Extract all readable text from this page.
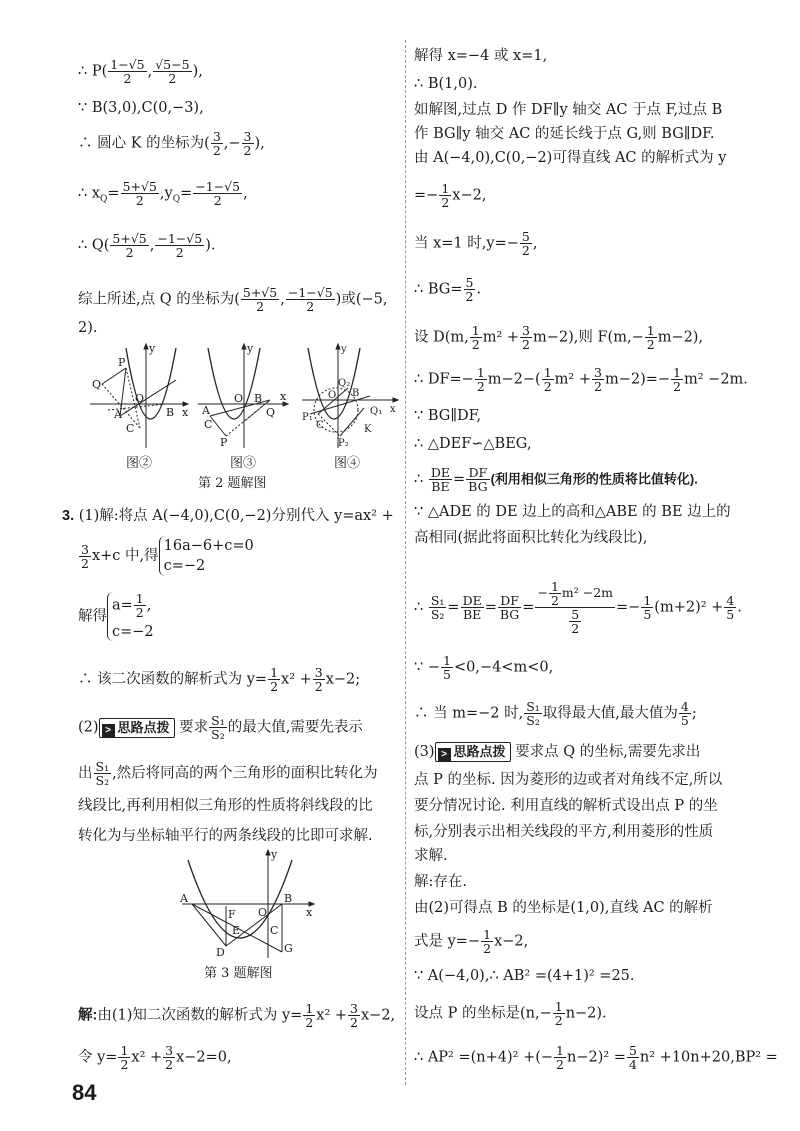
∴ $P( \frac{1-√5}{2}$ , $\frac{√5-5}{2}$ ),
∵ B(3,0),C(0,−3),
∴ 圆心 K 的坐标为( $\frac{3}{2}$ ,− $\frac{3}{2}$ ),
∴ $x_Q= \frac{5+√5}{2} ,y_Q= \frac{-1-√5}{2}$ ,
∴ $Q( \frac{5+√5}{2}$ , $\frac{-1-√5}{2}$ ).
综上所述,点 Q 的坐标为( $\frac{5+√5}{2}$ , $\frac{-1-√5}{2}$ )或(−5,
2).
y
P
Q
O
A	B
C
x
y
A
O B x
C
Q
P
y
Q₂
B
O
Q₁
P₁
C
P₂
K
x
图②	图③	图④
第 2 题解图
3. (1)解:将点 A(−4,0),C(0,−2)分别代入 y=ax² +
$\frac{3}{2} x+c$ 中,得
16a−6+c=0
c=−2
解得
$a= \frac{1}{2}$ ,
c=−2
∴ 该二次函数的解析式为 $y= \frac{1}{2} x^2 + \frac{3}{2} x-2$;
(2) > 思路点拨 要求 $\frac{\text{S₁}}{\text{S₂}}$ 的最大值,需要先表示
出 $\frac{\text{S₁}}{\text{S₂}}$ ,然后将同高的两个三角形的面积比转化为
线段比,再利用相似三角形的性质将斜线段的比
转化为与坐标轴平行的两条线段的比即可求解.
y
A
F O
B
x
E	C
D	G
第 3 题解图
解:由(1)知二次函数的解析式为 $y= \frac{1}{2} x^2 + \frac{3}{2} x-2$,
令 $y= \frac{1}{2} x^2 + \frac{3}{2} x-2=0$,
解得 x=−4 或 x=1,
∴ B(1,0).
如解图,过点 D 作 DF∥y 轴交 AC 于点 F,过点 B
作 BG∥y 轴交 AC 的延长线于点 G,则 BG∥DF.
由 A(−4,0),C(0,−2)可得直线 AC 的解析式为 y
=− $\frac{1}{2} x-2$,
当 x=1 时$,y=- \frac{5}{2}$ ,
∴ $BG= \frac{5}{2}$ .
设 D(m, $\frac{1}{2} m^2 + \frac{3}{2} m-2$),则 $F(m,- \frac{1}{2} m-2)$,
∴ $DF=- \frac{1}{2} m-2-( \frac{1}{2} m^2 + \frac{3}{2} m-2)=- \frac{1}{2} m^2 -2m$.
∵ BG∥DF,
∴ △DEF∽△BEG,
∴ $\frac{DE}{BE} = \frac{DF}{BG}$ (利用相似三角形的性质将比值转化).
∵ △ADE 的 DE 边上的高和△ABE 的 BE 边上的
高相同(据此将面积比转化为线段比),
∴ $\frac{\text{S₁}}{\text{S₂}} = \frac{DE}{BE} = \frac{DF}{BG} = \frac{- \frac{1}{2} m^2 -2m}{\frac{5}{2}} =- \frac{1}{5} (m+2)^2 + \frac{4}{5}$ .
∵ − $\frac{1}{5} <0,-4<m<0$,
∴ 当 m=−2 时, $\frac{\text{S₁}}{\text{S₂}}$ 取得最大值,最大值为 $\frac{4}{5}$ ;
(3) > 思路点拨 要求点 Q 的坐标,需要先求出
点 P 的坐标. 因为菱形的边或者对角线不定,所以
要分情况讨论. 利用直线的解析式设出点 P 的坐
标,分别表示出相关线段的平方,利用菱形的性质
求解.
解:存在.
由(2)可得点 B 的坐标是(1,0),直线 AC 的解析
式是 $y=- \frac{1}{2} x-2$,
∵ A(−4,0),∴ AB² =(4+1)² =25.
设点 P 的坐标是$(n,- \frac{1}{2} n-2)$.
∴ AP² =(n+4)² +(− $\frac{1}{2} n-2)^2 = \frac{5}{4} n^2 +10n+20,BP^2$ =
84
